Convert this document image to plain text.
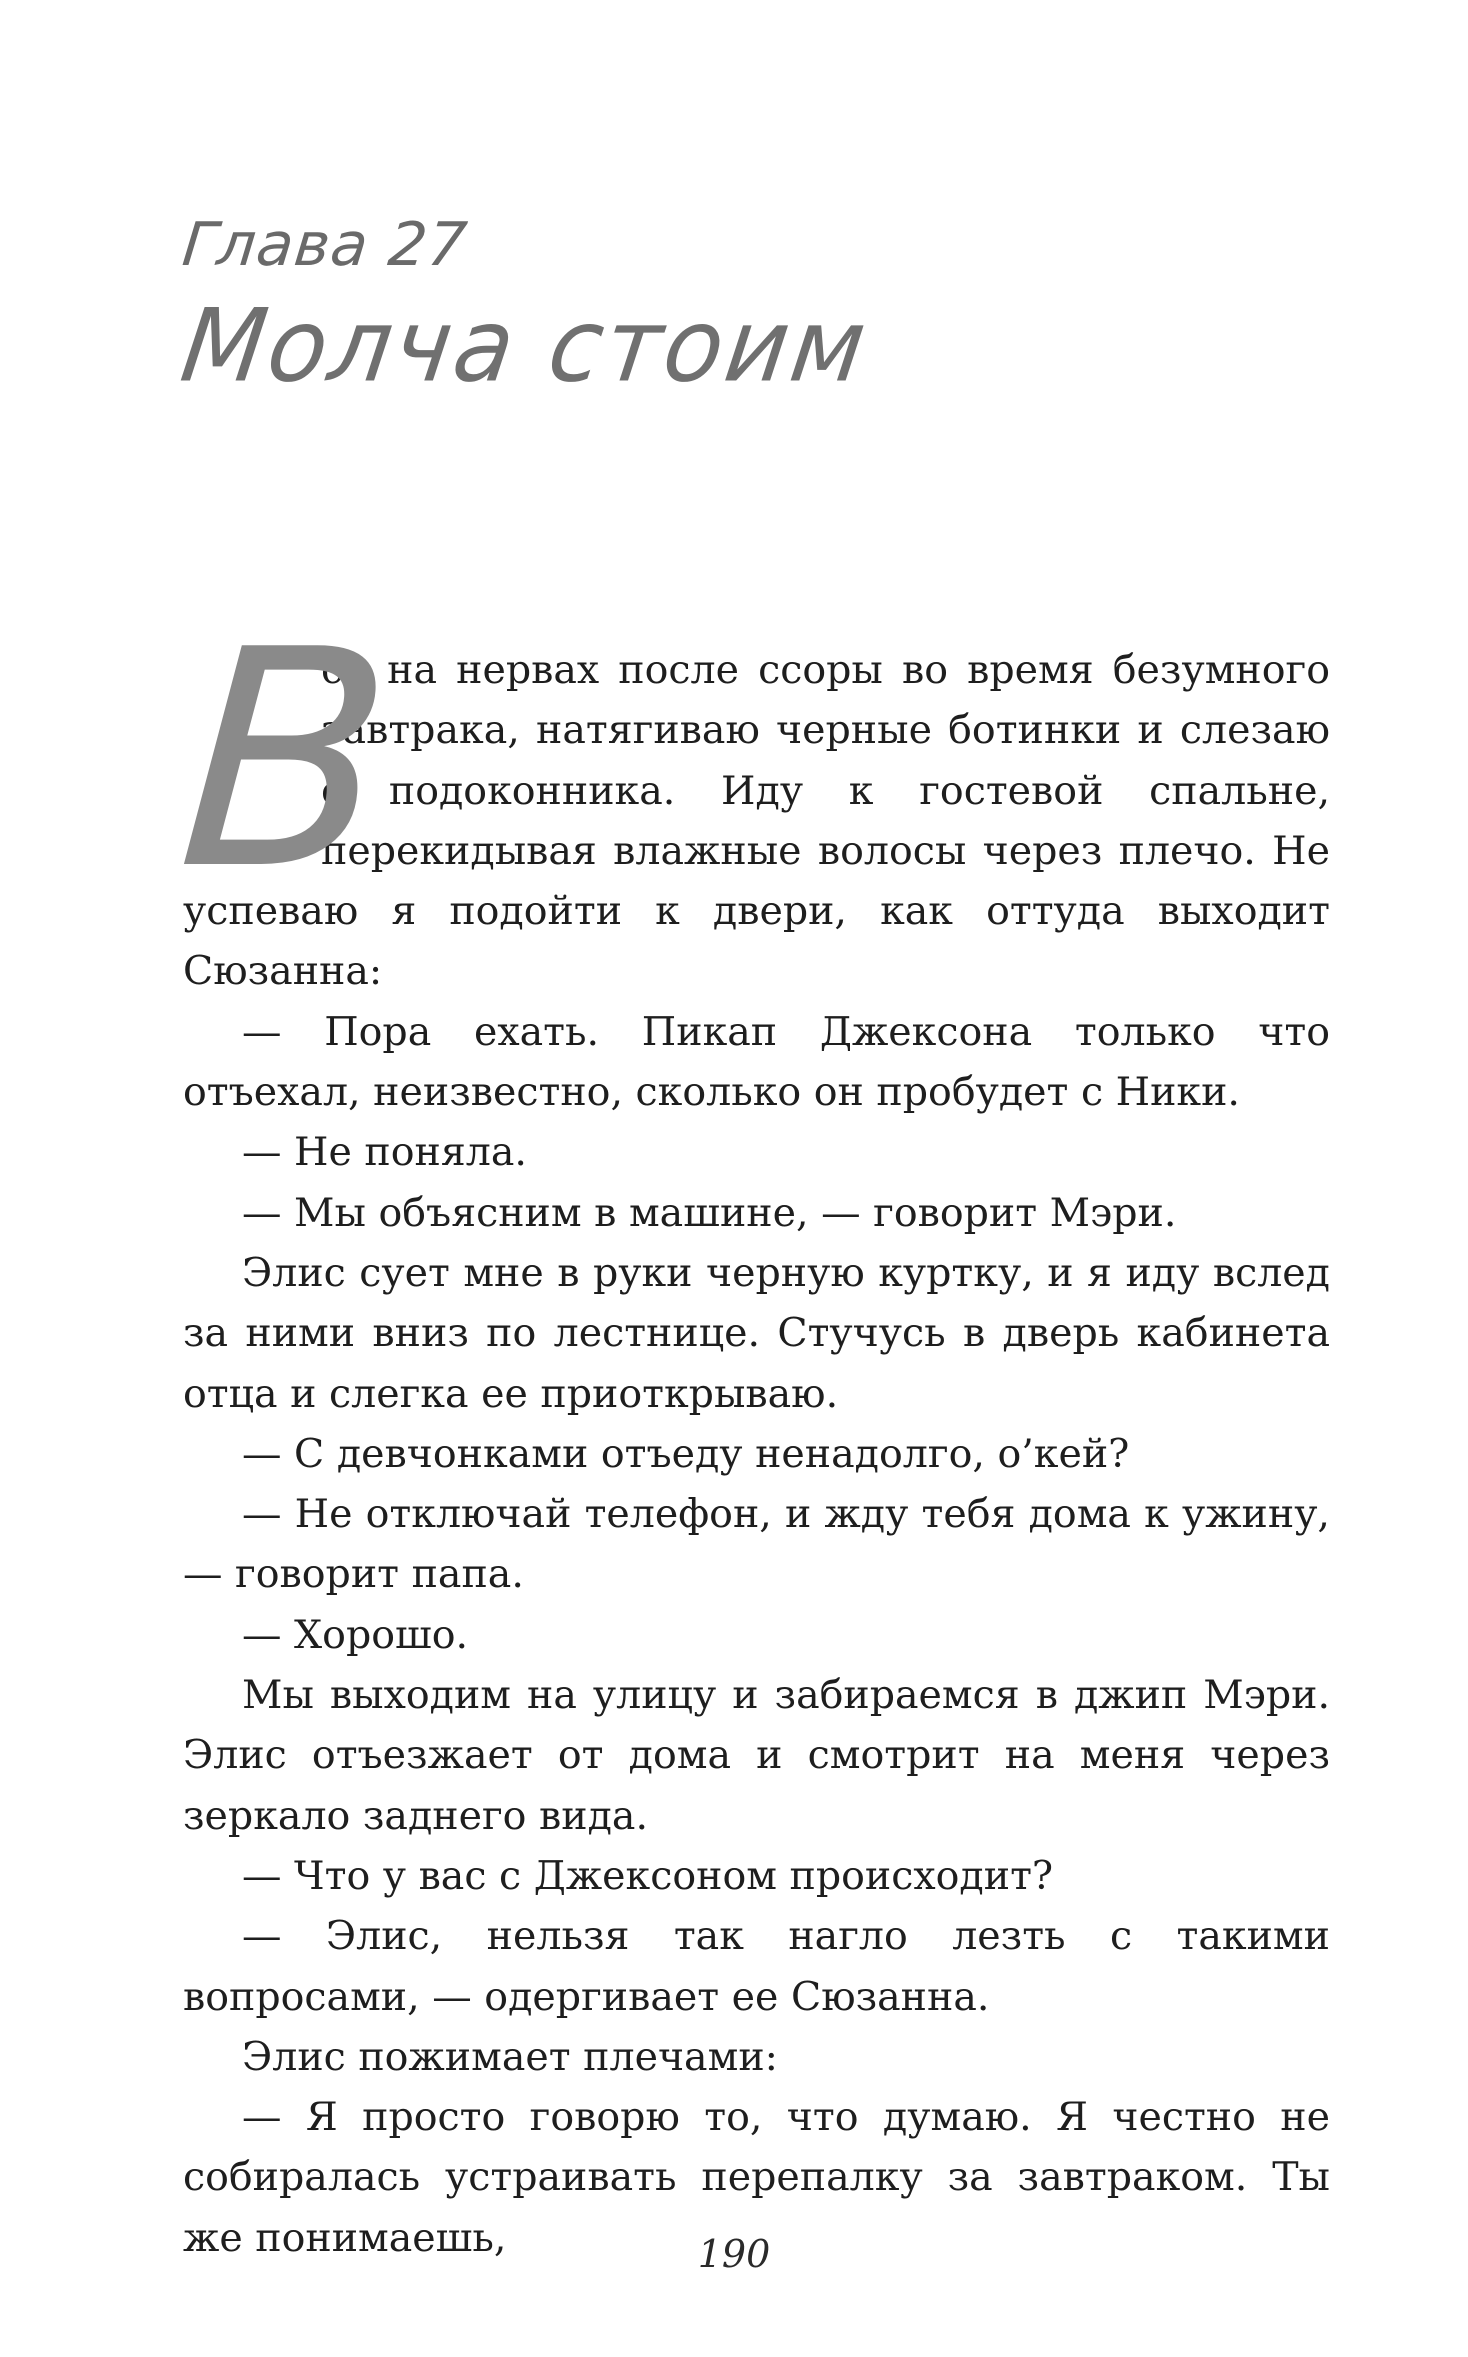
Глава 27
Молча стоим
В

ся на нервах после ссоры во время безумного завтрака, натягиваю черные ботинки и слезаю с подоконника. Иду к гостевой спальне, перекидывая влажные волосы через плечо. Не успеваю я подойти к двери, как оттуда выходит Сюзанна:

— Пора ехать. Пикап Джексона только что отъехал, неизвестно, сколько он пробудет с Ники.

— Не поняла.

— Мы объясним в машине, — говорит Мэри.

Элис сует мне в руки черную куртку, и я иду вслед за ними вниз по лестнице. Стучусь в дверь кабинета отца и слегка ее приоткрываю.

— С девчонками отъеду ненадолго, о’кей?

— Не отключай телефон, и жду тебя дома к ужину, — говорит папа.

— Хорошо.

Мы выходим на улицу и забираемся в джип Мэри. Элис отъезжает от дома и смотрит на меня через зеркало заднего вида.

— Что у вас с Джексоном происходит?

— Элис, нельзя так нагло лезть с такими вопросами, — одергивает ее Сюзанна.

Элис пожимает плечами:

— Я просто говорю то, что думаю. Я честно не собиралась устраивать перепалку за завтраком. Ты же понимаешь,	190
